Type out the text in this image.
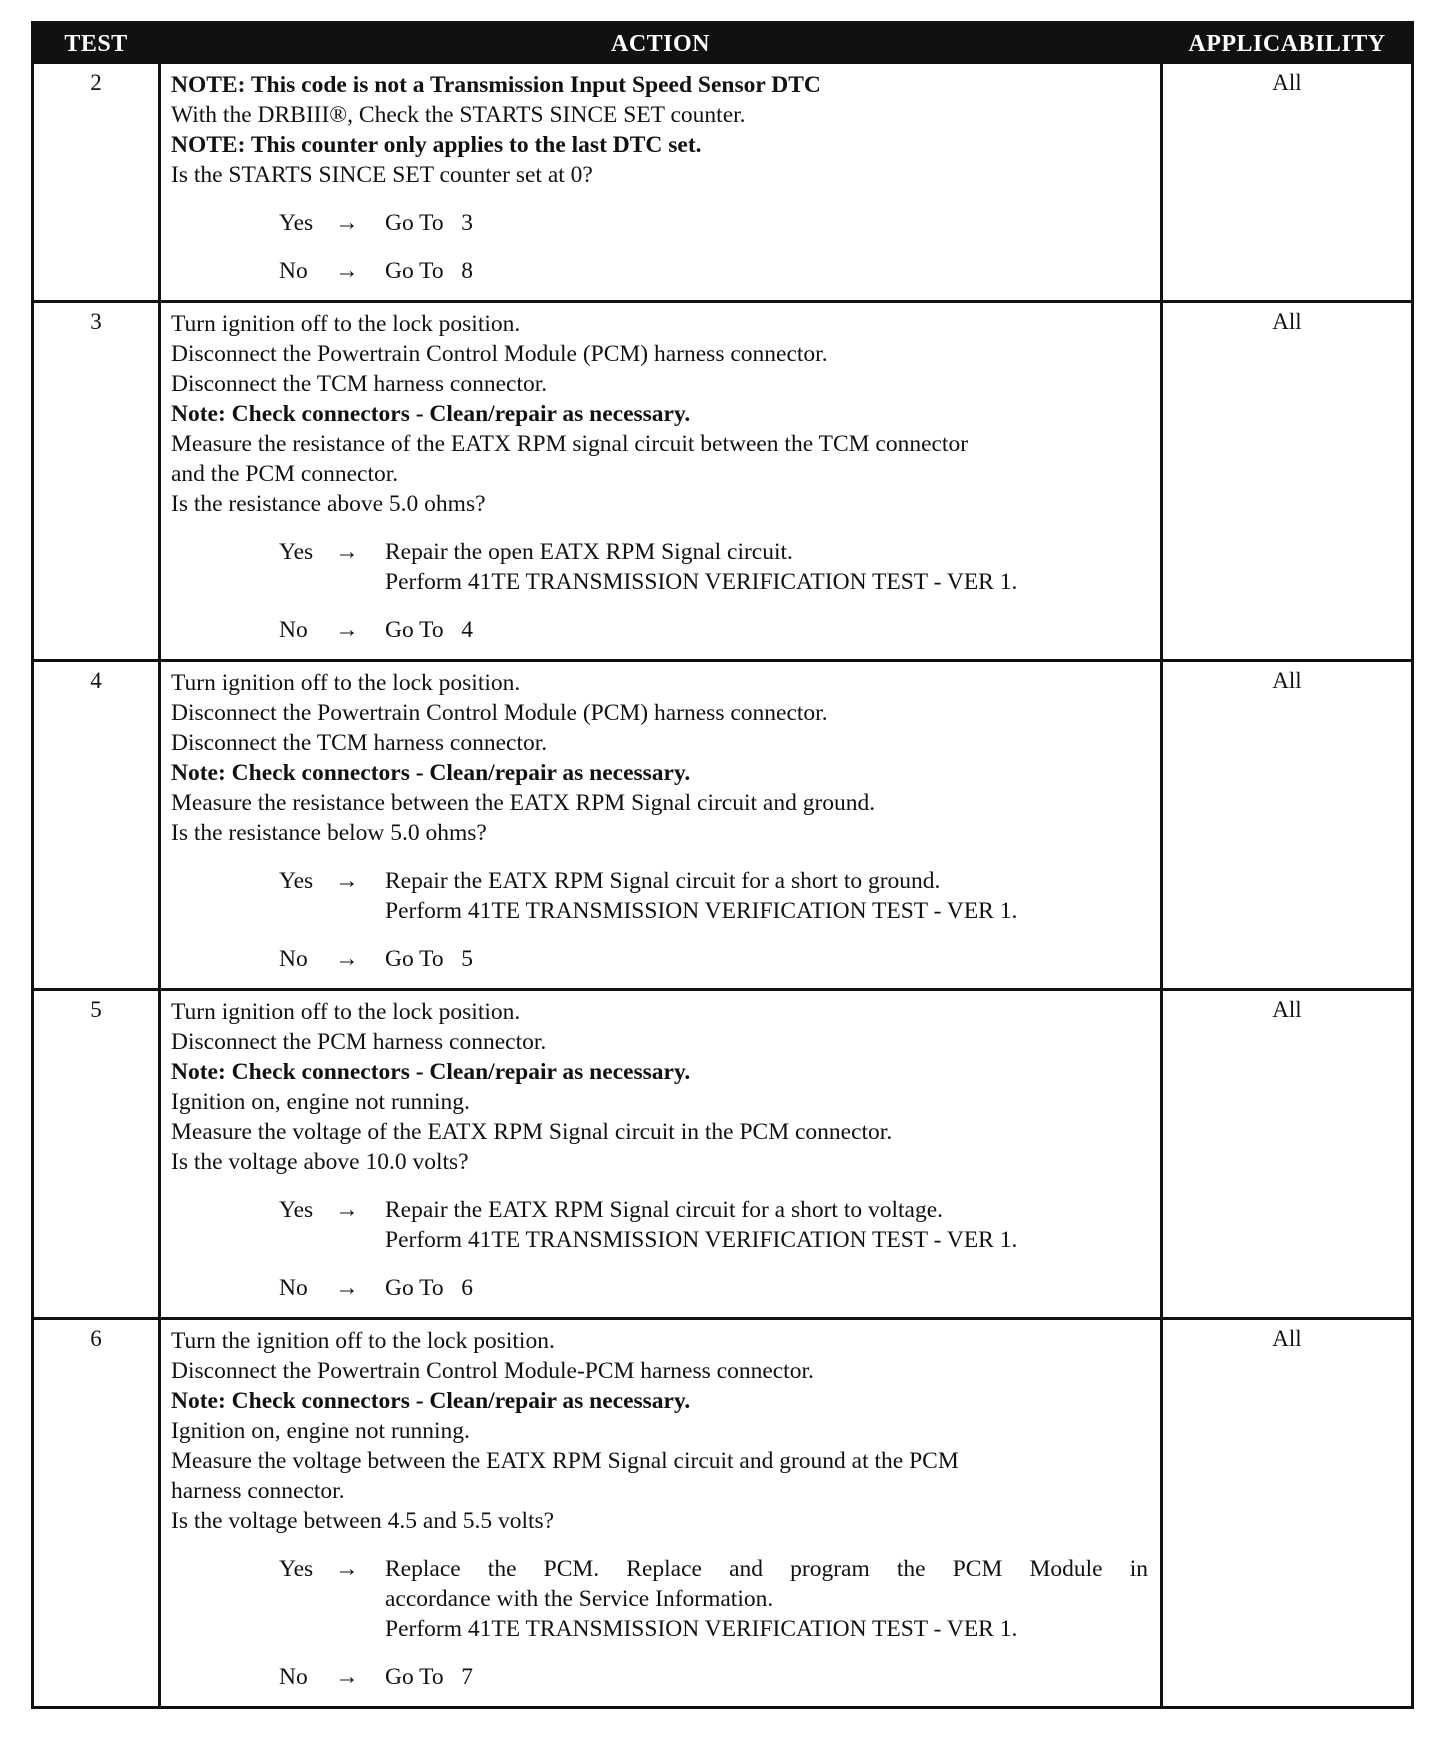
TEST	ACTION	APPLICABILITY
2	NOTE: This code is not a Transmission Input Speed Sensor DTC
With the DRBIII®, Check the STARTS SINCE SET counter.
NOTE: This counter only applies to the last DTC set.
Is the STARTS SINCE SET counter set at 0?
Yes →	Go To   3
No	→	Go To   8
All
3	Turn ignition off to the lock position.
Disconnect the Powertrain Control Module (PCM) harness connector.
Disconnect the TCM harness connector.
Note: Check connectors - Clean/repair as necessary.
Measure the resistance of the EATX RPM signal circuit between the TCM connector
and the PCM connector.
Is the resistance above 5.0 ohms?
Yes →	Repair the open EATX RPM Signal circuit.
Perform 41TE TRANSMISSION VERIFICATION TEST - VER 1.
No	→	Go To   4
All
4	Turn ignition off to the lock position.
Disconnect the Powertrain Control Module (PCM) harness connector.
Disconnect the TCM harness connector.
Note: Check connectors - Clean/repair as necessary.
Measure the resistance between the EATX RPM Signal circuit and ground.
Is the resistance below 5.0 ohms?
Yes →	Repair the EATX RPM Signal circuit for a short to ground.
Perform 41TE TRANSMISSION VERIFICATION TEST - VER 1.
No	→	Go To   5
All
5	Turn ignition off to the lock position.
Disconnect the PCM harness connector.
Note: Check connectors - Clean/repair as necessary.
Ignition on, engine not running.
Measure the voltage of the EATX RPM Signal circuit in the PCM connector.
Is the voltage above 10.0 volts?
Yes →	Repair the EATX RPM Signal circuit for a short to voltage.
Perform 41TE TRANSMISSION VERIFICATION TEST - VER 1.
No	→	Go To   6
All
6	Turn the ignition off to the lock position.
Disconnect the Powertrain Control Module-PCM harness connector.
Note: Check connectors - Clean/repair as necessary.
Ignition on, engine not running.
Measure the voltage between the EATX RPM Signal circuit and ground at the PCM
harness connector.
Is the voltage between 4.5 and 5.5 volts?
Yes →	Replace the PCM. Replace and program the PCM Module in
accordance with the Service Information.
Perform 41TE TRANSMISSION VERIFICATION TEST - VER 1.
No	→	Go To   7
All
